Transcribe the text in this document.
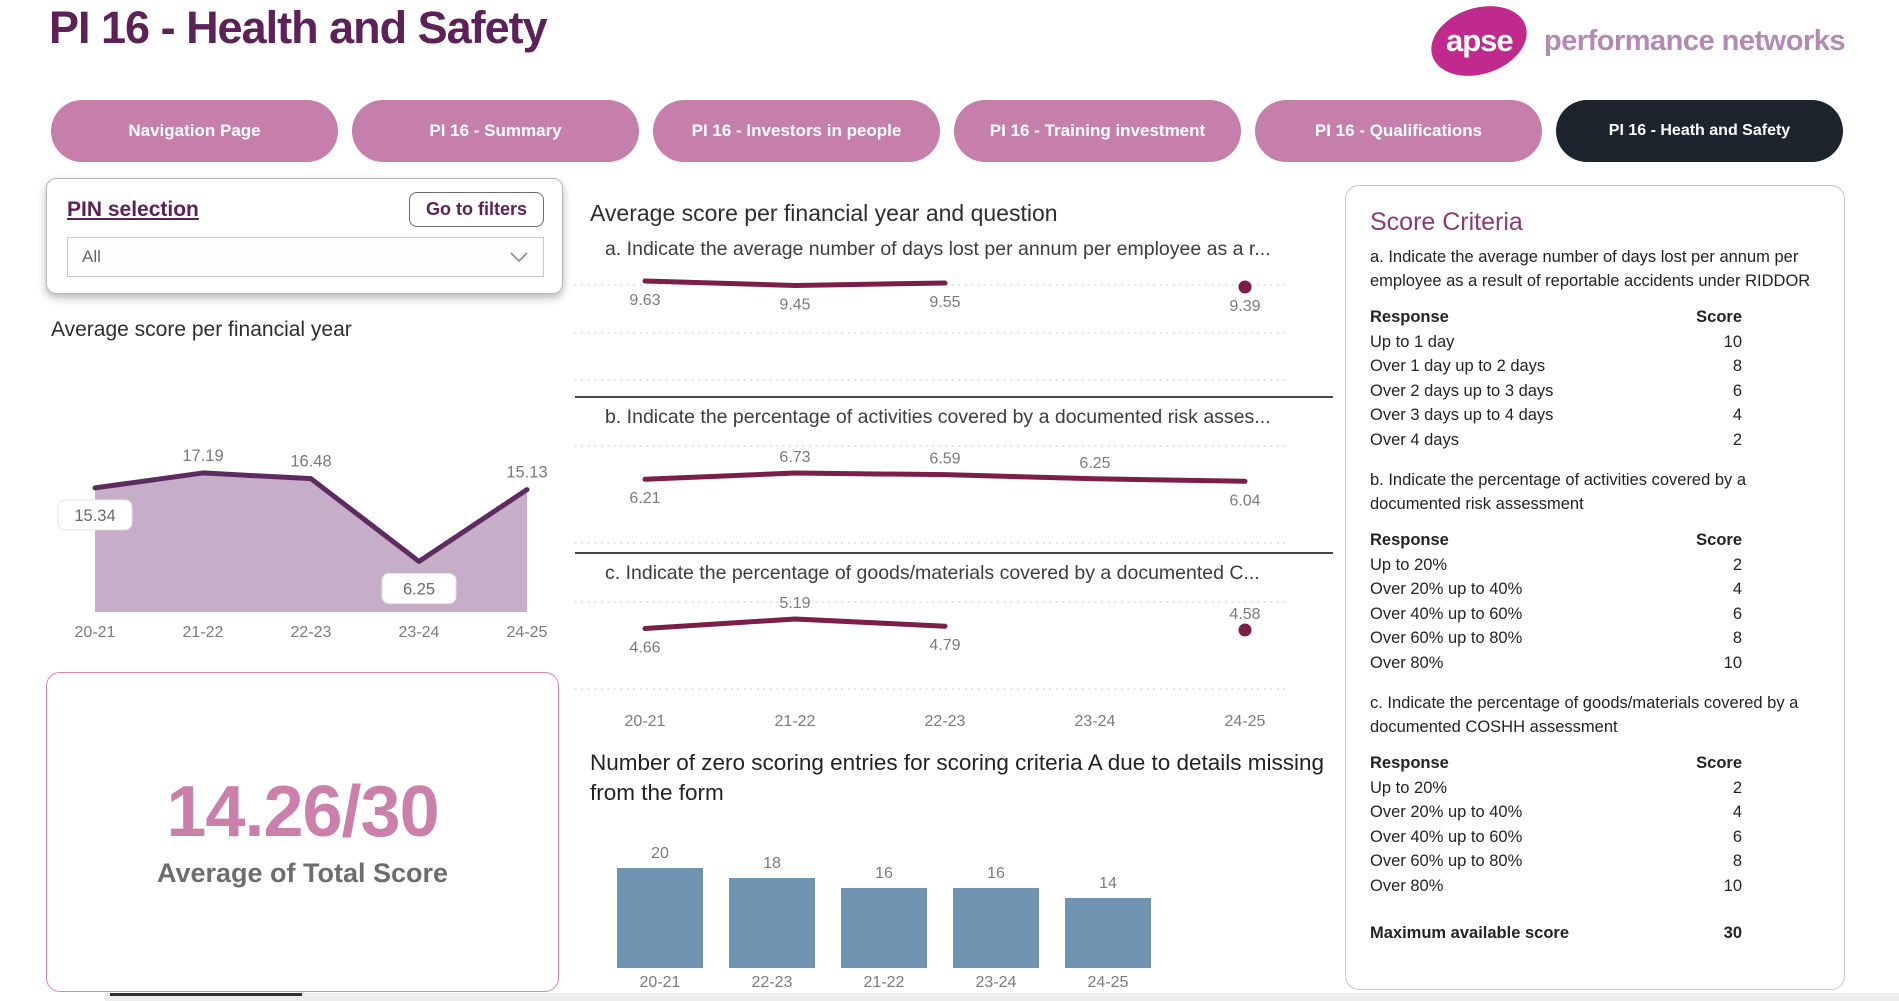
PI 16 - Health and Safety	apse performance networks
Navigation Page	PI 16 - Summary	PI 16 - Investors in people	PI 16 - Training investment	PI 16 - Qualifications	PI 16 - Heath and Safety
PIN selection	Go to filters
All
Average score per financial year
15.34
20-21
17.19
21-22
16.48
22-23
6.25
23-24
15.13
24-25
14.26/30
Average of Total Score
Average score per financial year and question

a. Indicate the average number of days lost per annum per employee as a r...

9.63	9.45	9.55	9.39

b. Indicate the percentage of activities covered by a documented risk asses...

6.21
6.73	6.59	6.25
6.04

c. Indicate the percentage of goods/materials covered by a documented C...

4.66
5.19
4.79
4.58
20-21	21-22	22-23	23-24	24-25
Number of zero scoring entries for scoring criteria A due to details missing from the form
20
20-21
18
22-23
16
21-22
16
23-24
14
24-25
Score Criteria

a. Indicate the average number of days lost per annum per employee as a result of reportable accidents under RIDDOR

Response	Score
Up to 1 day	10
Over 1 day up to 2 days	8
Over 2 days up to 3 days	6
Over 3 days up to 4 days	4
Over 4 days	2

b. Indicate the percentage of activities covered by a documented risk assessment

Response	Score
Up to 20%	2
Over 20% up to 40%	4
Over 40% up to 60%	6
Over 60% up to 80%	8
Over 80%	10

c. Indicate the percentage of goods/materials covered by a documented COSHH assessment

Response	Score
Up to 20%	2
Over 20% up to 40%	4
Over 40% up to 60%	6
Over 60% up to 80%	8
Over 80%	10
Maximum available score	30
